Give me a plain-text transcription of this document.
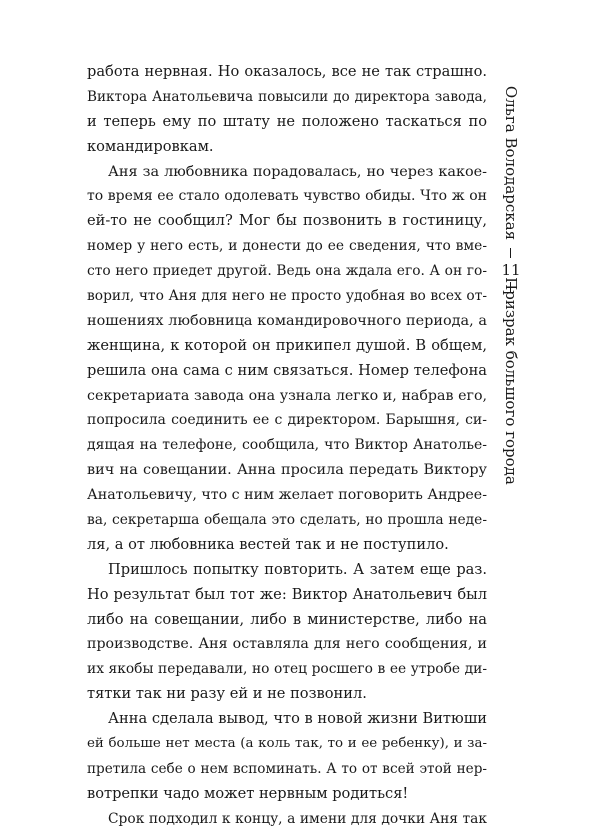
работа нервная. Но оказалось, все не так страшно.
Виктора Анатольевича повысили до директора завода,
и теперь ему по штату не положено таскаться по
командировкам.
Аня за любовника порадовалась, но через какое-
то время ее стало одолевать чувство обиды. Что ж он
ей-то не сообщил? Мог бы позвонить в гостиницу,
номер у него есть, и донести до ее сведения, что вме-
сто него приедет другой. Ведь она ждала его. А он го-
ворил, что Аня для него не просто удобная во всех от-
ношениях любовница командировочного периода, а
женщина, к которой он прикипел душой. В общем,
решила она сама с ним связаться. Номер телефона
секретариата завода она узнала легко и, набрав его,
попросила соединить ее с директором. Барышня, си-
дящая на телефоне, сообщила, что Виктор Анатолье-
вич на совещании. Анна просила передать Виктору
Анатольевичу, что с ним желает поговорить Андрее-
ва, секретарша обещала это сделать, но прошла неде-
ля, а от любовника вестей так и не поступило.
Пришлось попытку повторить. А затем еще раз.
Но результат был тот же: Виктор Анатольевич был
либо на совещании, либо в министерстве, либо на
производстве. Аня оставляла для него сообщения, и
их якобы передавали, но отец росшего в ее утробе ди-
тятки так ни разу ей и не позвонил.
Анна сделала вывод, что в новой жизни Витюши
ей больше нет места (а коль так, то и ее ребенку), и за-
претила себе о нем вспоминать. А то от всей этой нер-
вотрепки чадо может нервным родиться!
Срок подходил к концу, а имени для дочки Аня так
Ольга Володарская
11
Призрак большого города
